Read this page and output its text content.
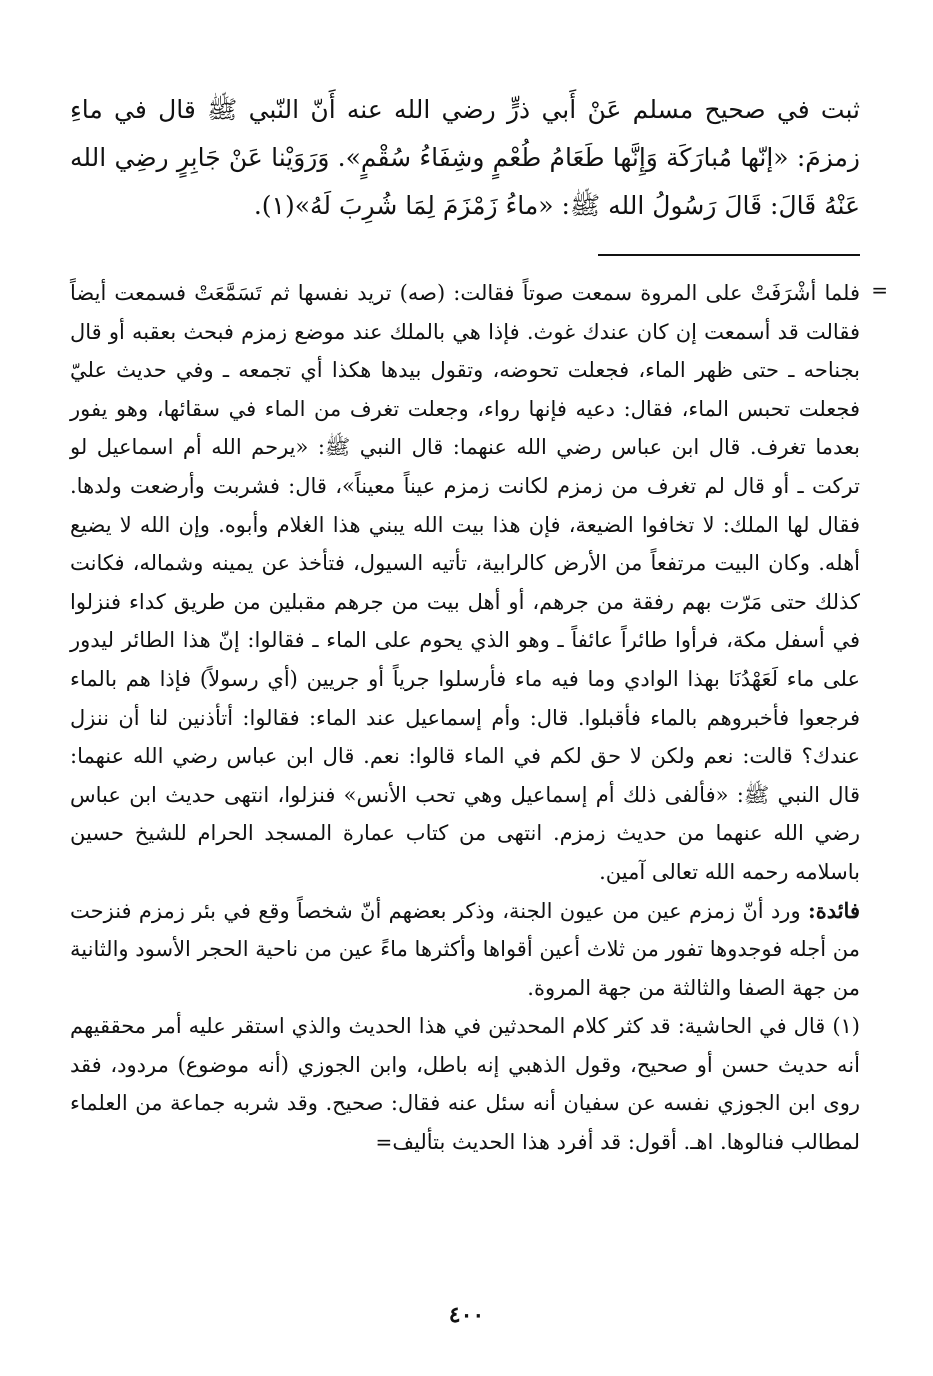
ثبت في صحيح مسلم عَنْ أَبي ذرٍّ رضي الله عنه أَنّ النّبي ﷺ قال في ماءِ زمزمَ: «إنّها مُبارَكَة وَإِنَّها طَعَامُ طُعْمٍ وشِفَاءُ سُقْمٍ». وَرَوَيْنا عَنْ جَابِرٍ رضِي الله عَنْهُ قَالَ: قَالَ رَسُولُ الله ﷺ: «ماءُ زَمْزَمَ لِمَا شُرِبَ لَهُ»(١).

=

فلما أشْرَفَتْ على المروة سمعت صوتاً فقالت: (صه) تريد نفسها ثم تَسَمَّعَتْ فسمعت أيضاً فقالت قد أسمعت إن كان عندك غوث. فإذا هي بالملك عند موضع زمزم فبحث بعقبه أو قال بجناحه ـ حتى ظهر الماء، فجعلت تحوضه، وتقول بيدها هكذا أي تجمعه ـ وفي حديث عليّ فجعلت تحبس الماء، فقال: دعيه فإنها رواء، وجعلت تغرف من الماء في سقائها، وهو يفور بعدما تغرف. قال ابن عباس رضي الله عنهما: قال النبي ﷺ: «يرحم الله أم اسماعيل لو تركت ـ أو قال لم تغرف من زمزم لكانت زمزم عيناً معيناً»، قال: فشربت وأرضعت ولدها. فقال لها الملك: لا تخافوا الضيعة، فإن هذا بيت الله يبني هذا الغلام وأبوه. وإن الله لا يضيع أهله. وكان البيت مرتفعاً من الأرض كالرابية، تأتيه السيول، فتأخذ عن يمينه وشماله، فكانت كذلك حتى مَرّت بهم رفقة من جرهم، أو أهل بيت من جرهم مقبلين من طريق كداء فنزلوا في أسفل مكة، فرأوا طائراً عائفاً ـ وهو الذي يحوم على الماء ـ فقالوا: إنّ هذا الطائر ليدور على ماء لَعَهْدُنَا بهذا الوادي وما فيه ماء فأرسلوا جرياً أو جريين (أي رسولاً) فإذا هم بالماء فرجعوا فأخبروهم بالماء فأقبلوا. قال: وأم إسماعيل عند الماء: فقالوا: أتأذنين لنا أن ننزل عندك؟ قالت: نعم ولكن لا حق لكم في الماء قالوا: نعم. قال ابن عباس رضي الله عنهما: قال النبي ﷺ: «فألفى ذلك أم إسماعيل وهي تحب الأنس» فنزلوا، انتهى حديث ابن عباس رضي الله عنهما من حديث زمزم. انتهى من كتاب عمارة المسجد الحرام للشيخ حسين باسلامه رحمه الله تعالى آمين.

فائدة: ورد أنّ زمزم عين من عيون الجنة، وذكر بعضهم أنّ شخصاً وقع في بئر زمزم فنزحت من أجله فوجدوها تفور من ثلاث أعين أقواها وأكثرها ماءً عين من ناحية الحجر الأسود والثانية من جهة الصفا والثالثة من جهة المروة.

(١) قال في الحاشية: قد كثر كلام المحدثين في هذا الحديث والذي استقر عليه أمر محققيهم أنه حديث حسن أو صحيح، وقول الذهبي إنه باطل، وابن الجوزي (أنه موضوع) مردود، فقد روى ابن الجوزي نفسه عن سفيان أنه سئل عنه فقال: صحيح. وقد شربه جماعة من العلماء لمطالب فنالوها. اهـ. أقول: قد أفرد هذا الحديث بتأليف=

٤٠٠
